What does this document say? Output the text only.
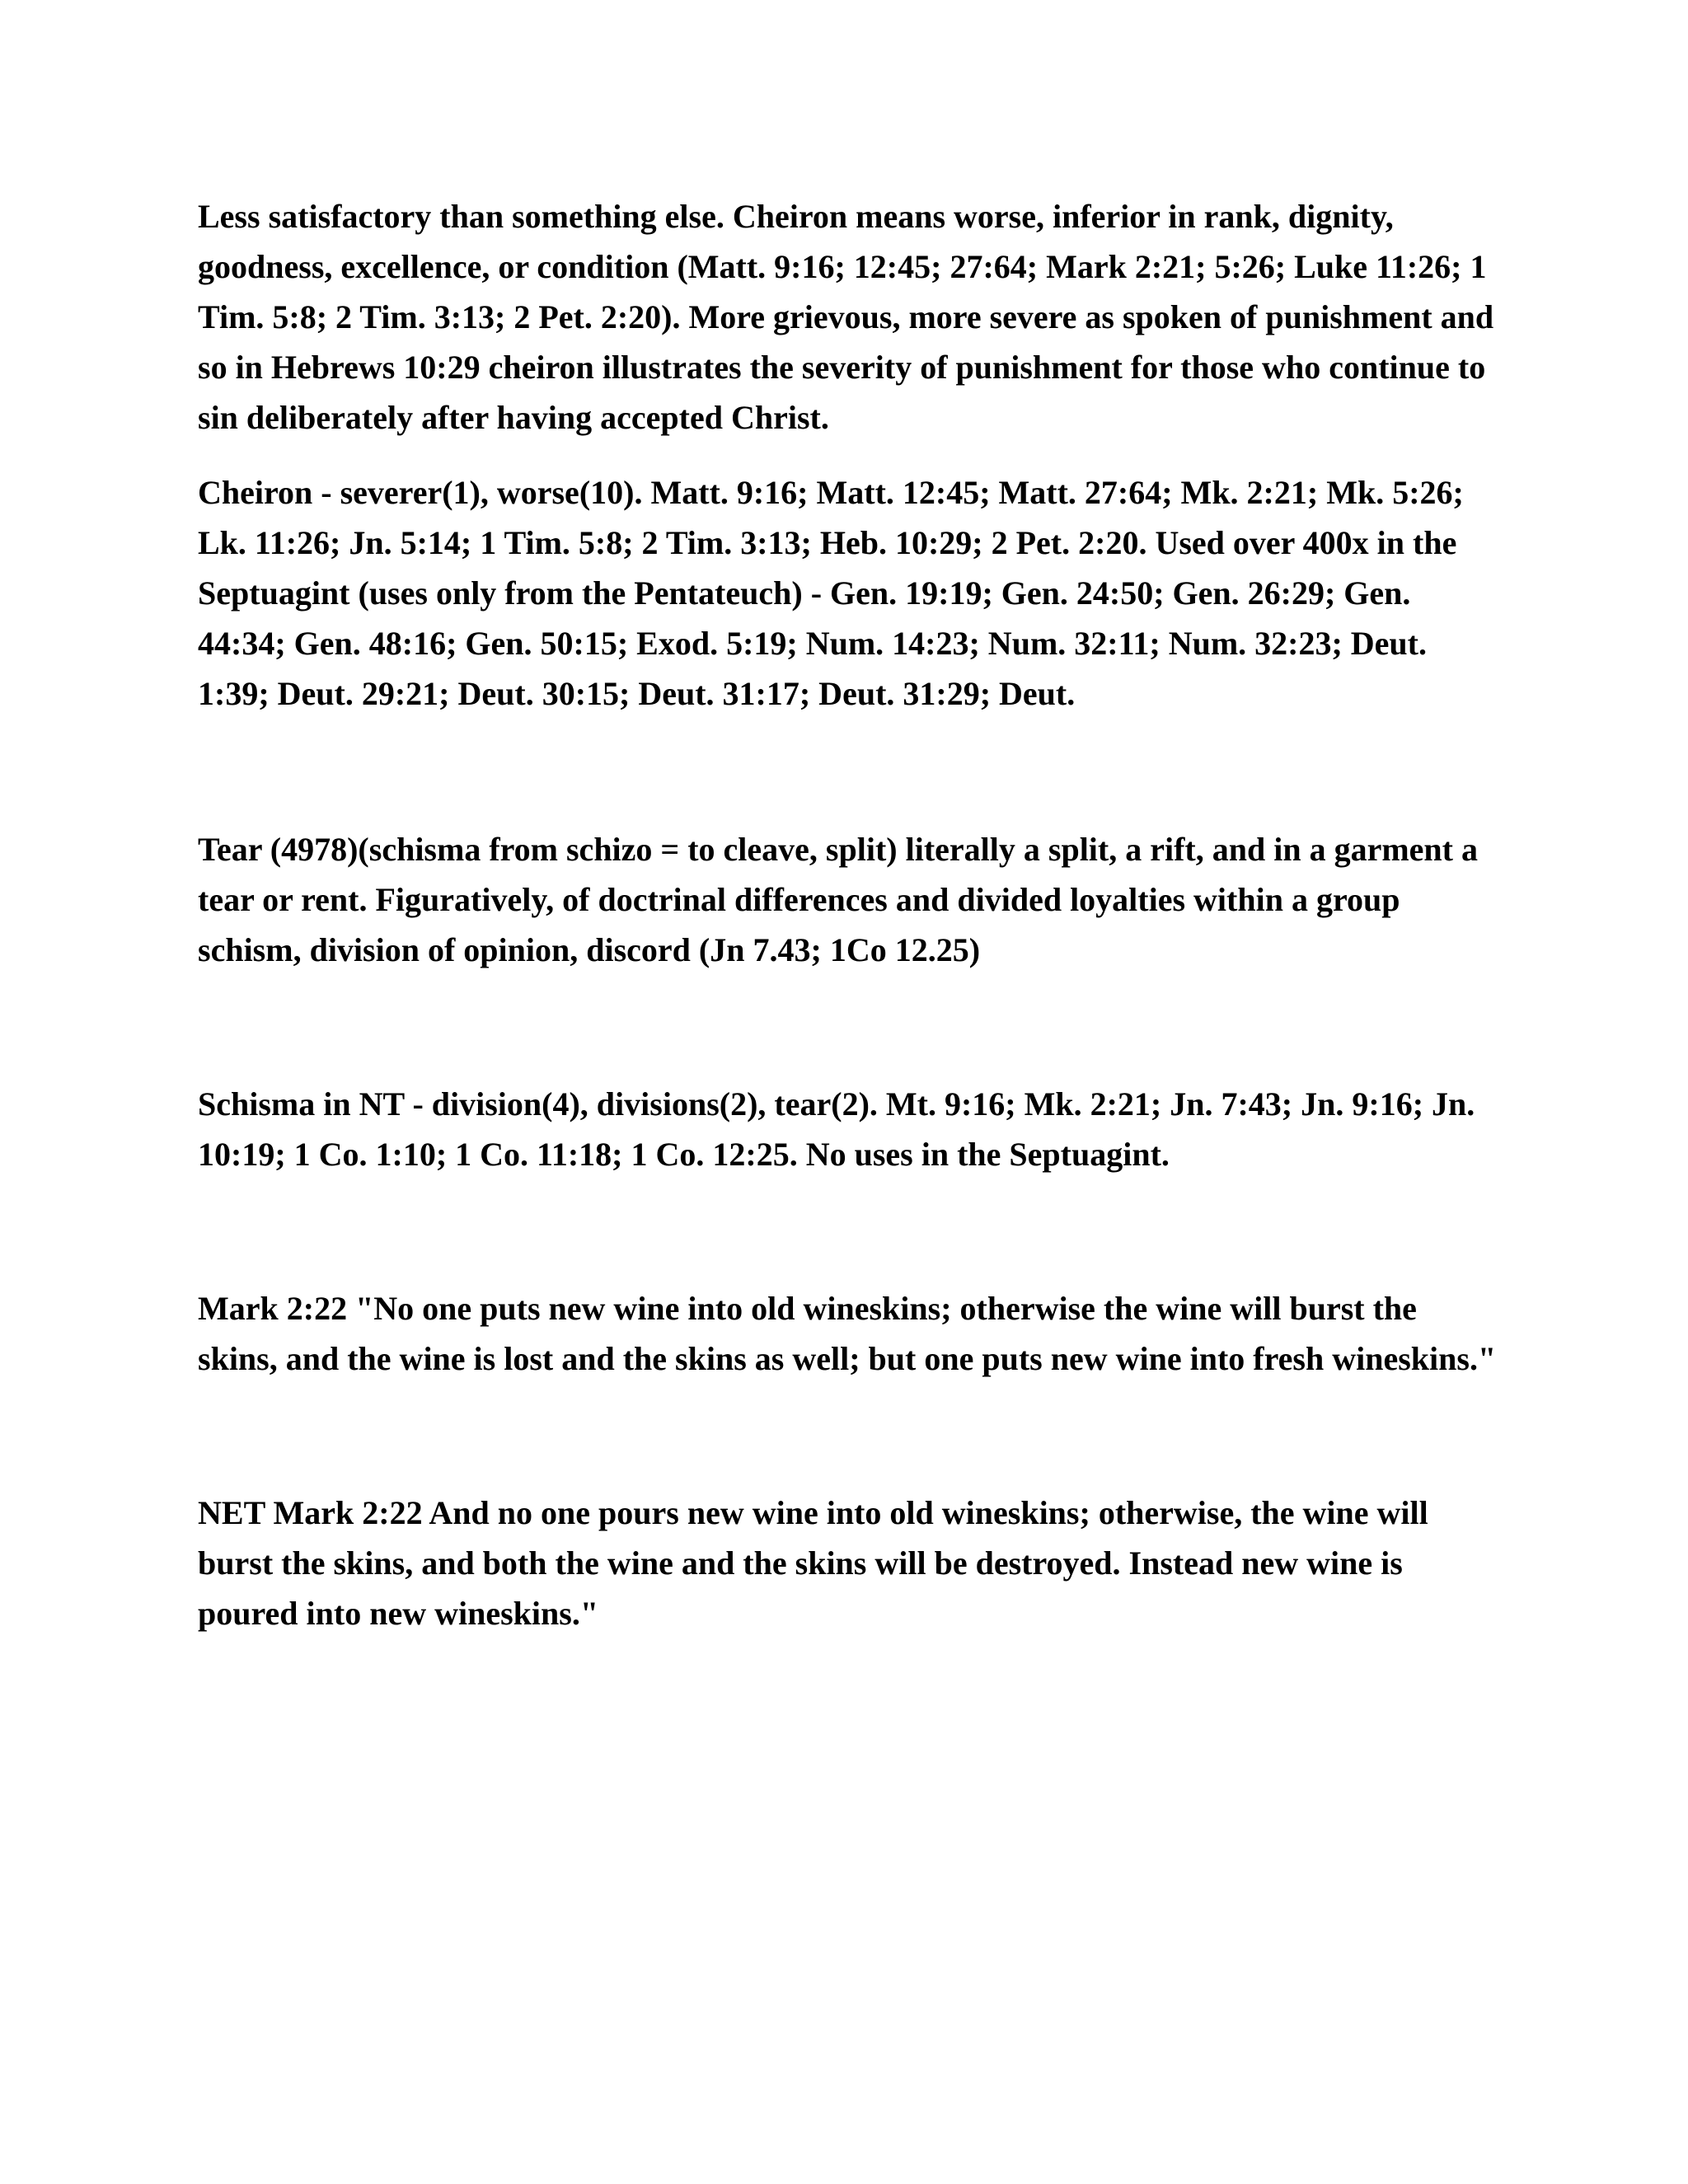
Less satisfactory than something else. Cheiron means worse, inferior in rank, dignity, goodness, excellence, or condition (Matt. 9:16; 12:45; 27:64; Mark 2:21; 5:26; Luke 11:26; 1 Tim. 5:8; 2 Tim. 3:13; 2 Pet. 2:20). More grievous, more severe as spoken of punishment and so in Hebrews 10:29 cheiron illustrates the severity of punishment for those who continue to sin deliberately after having accepted Christ.

Cheiron - severer(1), worse(10). Matt. 9:16; Matt. 12:45; Matt. 27:64; Mk. 2:21; Mk. 5:26; Lk. 11:26; Jn. 5:14; 1 Tim. 5:8; 2 Tim. 3:13; Heb. 10:29; 2 Pet. 2:20. Used over 400x in the Septuagint (uses only from the Pentateuch) - Gen. 19:19; Gen. 24:50; Gen. 26:29; Gen. 44:34; Gen. 48:16; Gen. 50:15; Exod. 5:19; Num. 14:23; Num. 32:11; Num. 32:23; Deut. 1:39; Deut. 29:21; Deut. 30:15; Deut. 31:17; Deut. 31:29; Deut.

Tear (4978)(schisma from schizo = to cleave, split) literally a split, a rift, and in a garment a tear or rent. Figuratively, of doctrinal differences and divided loyalties within a group schism, division of opinion, discord (Jn 7.43; 1Co 12.25)

Schisma in NT - division(4), divisions(2), tear(2). Mt. 9:16; Mk. 2:21; Jn. 7:43; Jn. 9:16; Jn. 10:19; 1 Co. 1:10; 1 Co. 11:18; 1 Co. 12:25. No uses in the Septuagint.

Mark 2:22 "No one puts new wine into old wineskins; otherwise the wine will burst the skins, and the wine is lost and the skins as well; but one puts new wine into fresh wineskins."

NET Mark 2:22 And no one pours new wine into old wineskins; otherwise, the wine will burst the skins, and both the wine and the skins will be destroyed. Instead new wine is poured into new wineskins."
